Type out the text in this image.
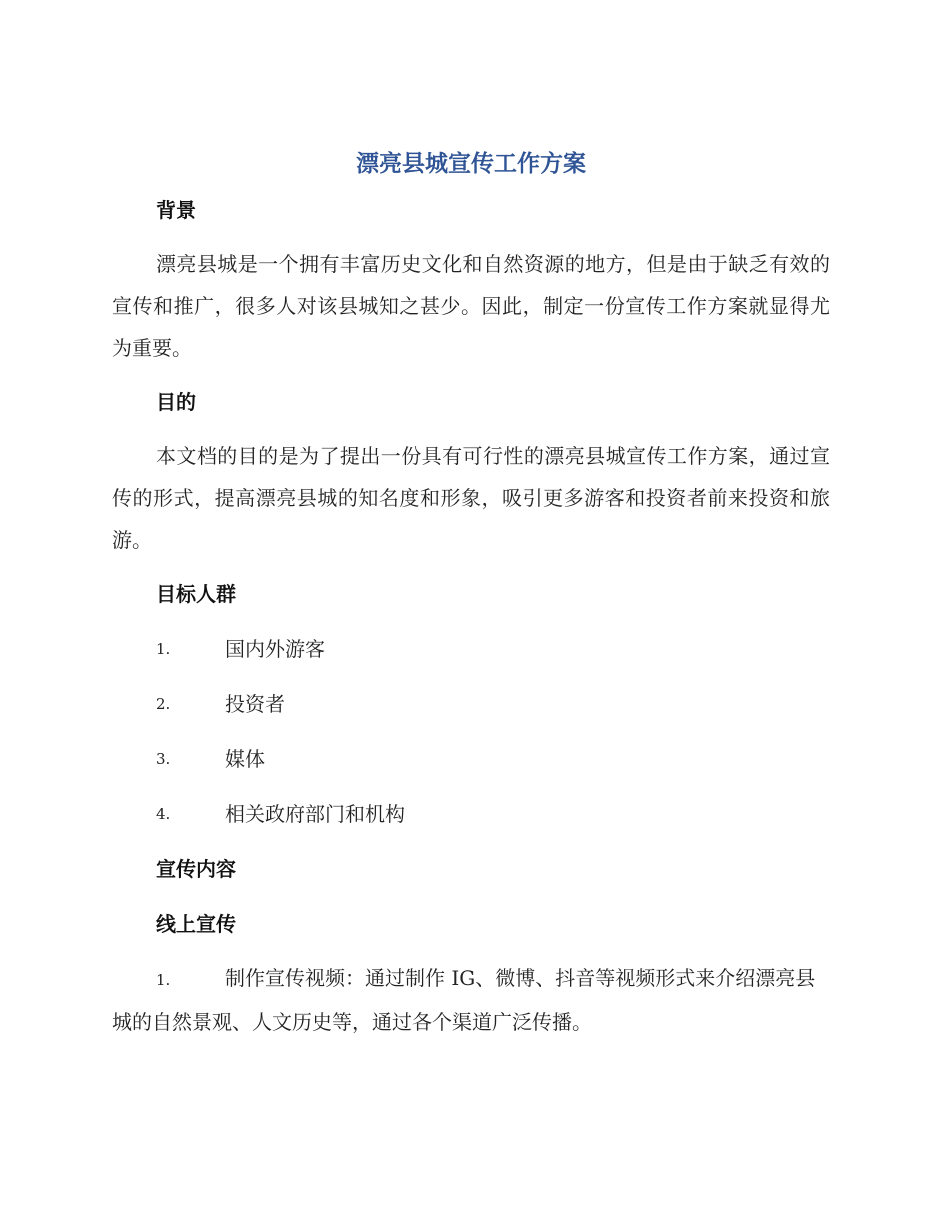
漂亮县城宣传工作方案
背景

漂亮县城是一个拥有丰富历史文化和自然资源的地方，但是由于缺乏有效的宣传和推广，很多人对该县城知之甚少。因此，制定一份宣传工作方案就显得尤为重要。

目的

本文档的目的是为了提出一份具有可行性的漂亮县城宣传工作方案，通过宣传的形式，提高漂亮县城的知名度和形象，吸引更多游客和投资者前来投资和旅游。

目标人群
1.	国内外游客
2.	投资者
3.	媒体
4.	相关政府部门和机构
宣传内容
线上宣传

1.	制作宣传视频：通过制作 IG、微博、抖音等视频形式来介绍漂亮县城的自然景观、人文历史等，通过各个渠道广泛传播。
